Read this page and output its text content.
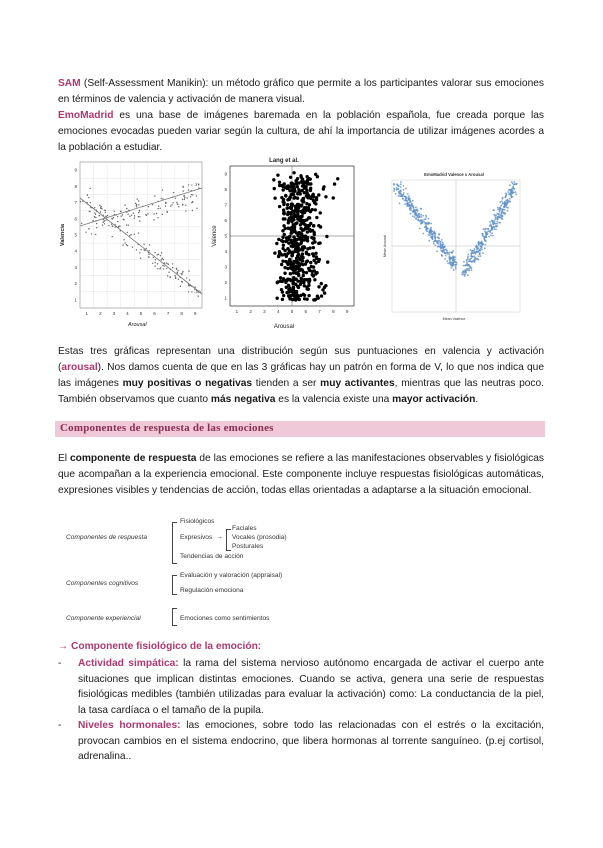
SAM (Self-Assessment Manikin): un método gráfico que permite a los participantes valorar sus emociones en términos de valencia y activación de manera visual.
EmoMadrid es una base de imágenes baremada en la población española, fue creada porque las emociones evocadas pueden variar según la cultura, de ahí la importancia de utilizar imágenes acordes a la población a estudiar.
r = .37
r = -.80
1 2 3 4 5 6 7 8 9
9
8
7
6
5
4
3
2
1
Arousal
Valencia
Lang et al.
1	2	3	4	5	6	7	8	9
9
8
7
6
5
4
3
2
1
Arousal
Valence
EmoMadrid Valence x Arousal
Mean Valence
Mean Arousal
Estas tres gráficas representan una distribución según sus puntuaciones en valencia y activación (arousal). Nos damos cuenta de que en las 3 gráficas hay un patrón en forma de V, lo que nos indica que las imágenes muy positivas o negativas tienden a ser muy activantes, mientras que las neutras poco. También observamos que cuanto más negativa es la valencia existe una mayor activación.
Componentes de respuesta de las emociones
El componente de respuesta de las emociones se refiere a las manifestaciones observables y fisiológicas que acompañan a la experiencia emocional. Este componente incluye respuestas fisiológicas automáticas, expresiones visibles y tendencias de acción, todas ellas orientadas a adaptarse a la situación emocional.
Componentes de respuesta
Fisiológicos
Expresivos →
Faciales
Vocales (prosodia)
Posturales
Tendencias de acción
Componentes cognitivos
Evaluación y valoración (appraisal)
Regulación emociona
Componente experiencial	Emociones como sentimientos
→ Componente fisiológico de la emoción:
- Actividad simpática: la rama del sistema nervioso autónomo encargada de activar el cuerpo ante situaciones que implican distintas emociones. Cuando se activa, genera una serie de respuestas fisiológicas medibles (también utilizadas para evaluar la activación) como: La conductancia de la piel, la tasa cardíaca o el tamaño de la pupila.
- Niveles hormonales: las emociones, sobre todo las relacionadas con el estrés o la excitación, provocan cambios en el sistema endocrino, que libera hormonas al torrente sanguíneo. (p.ej cortisol, adrenalina..
